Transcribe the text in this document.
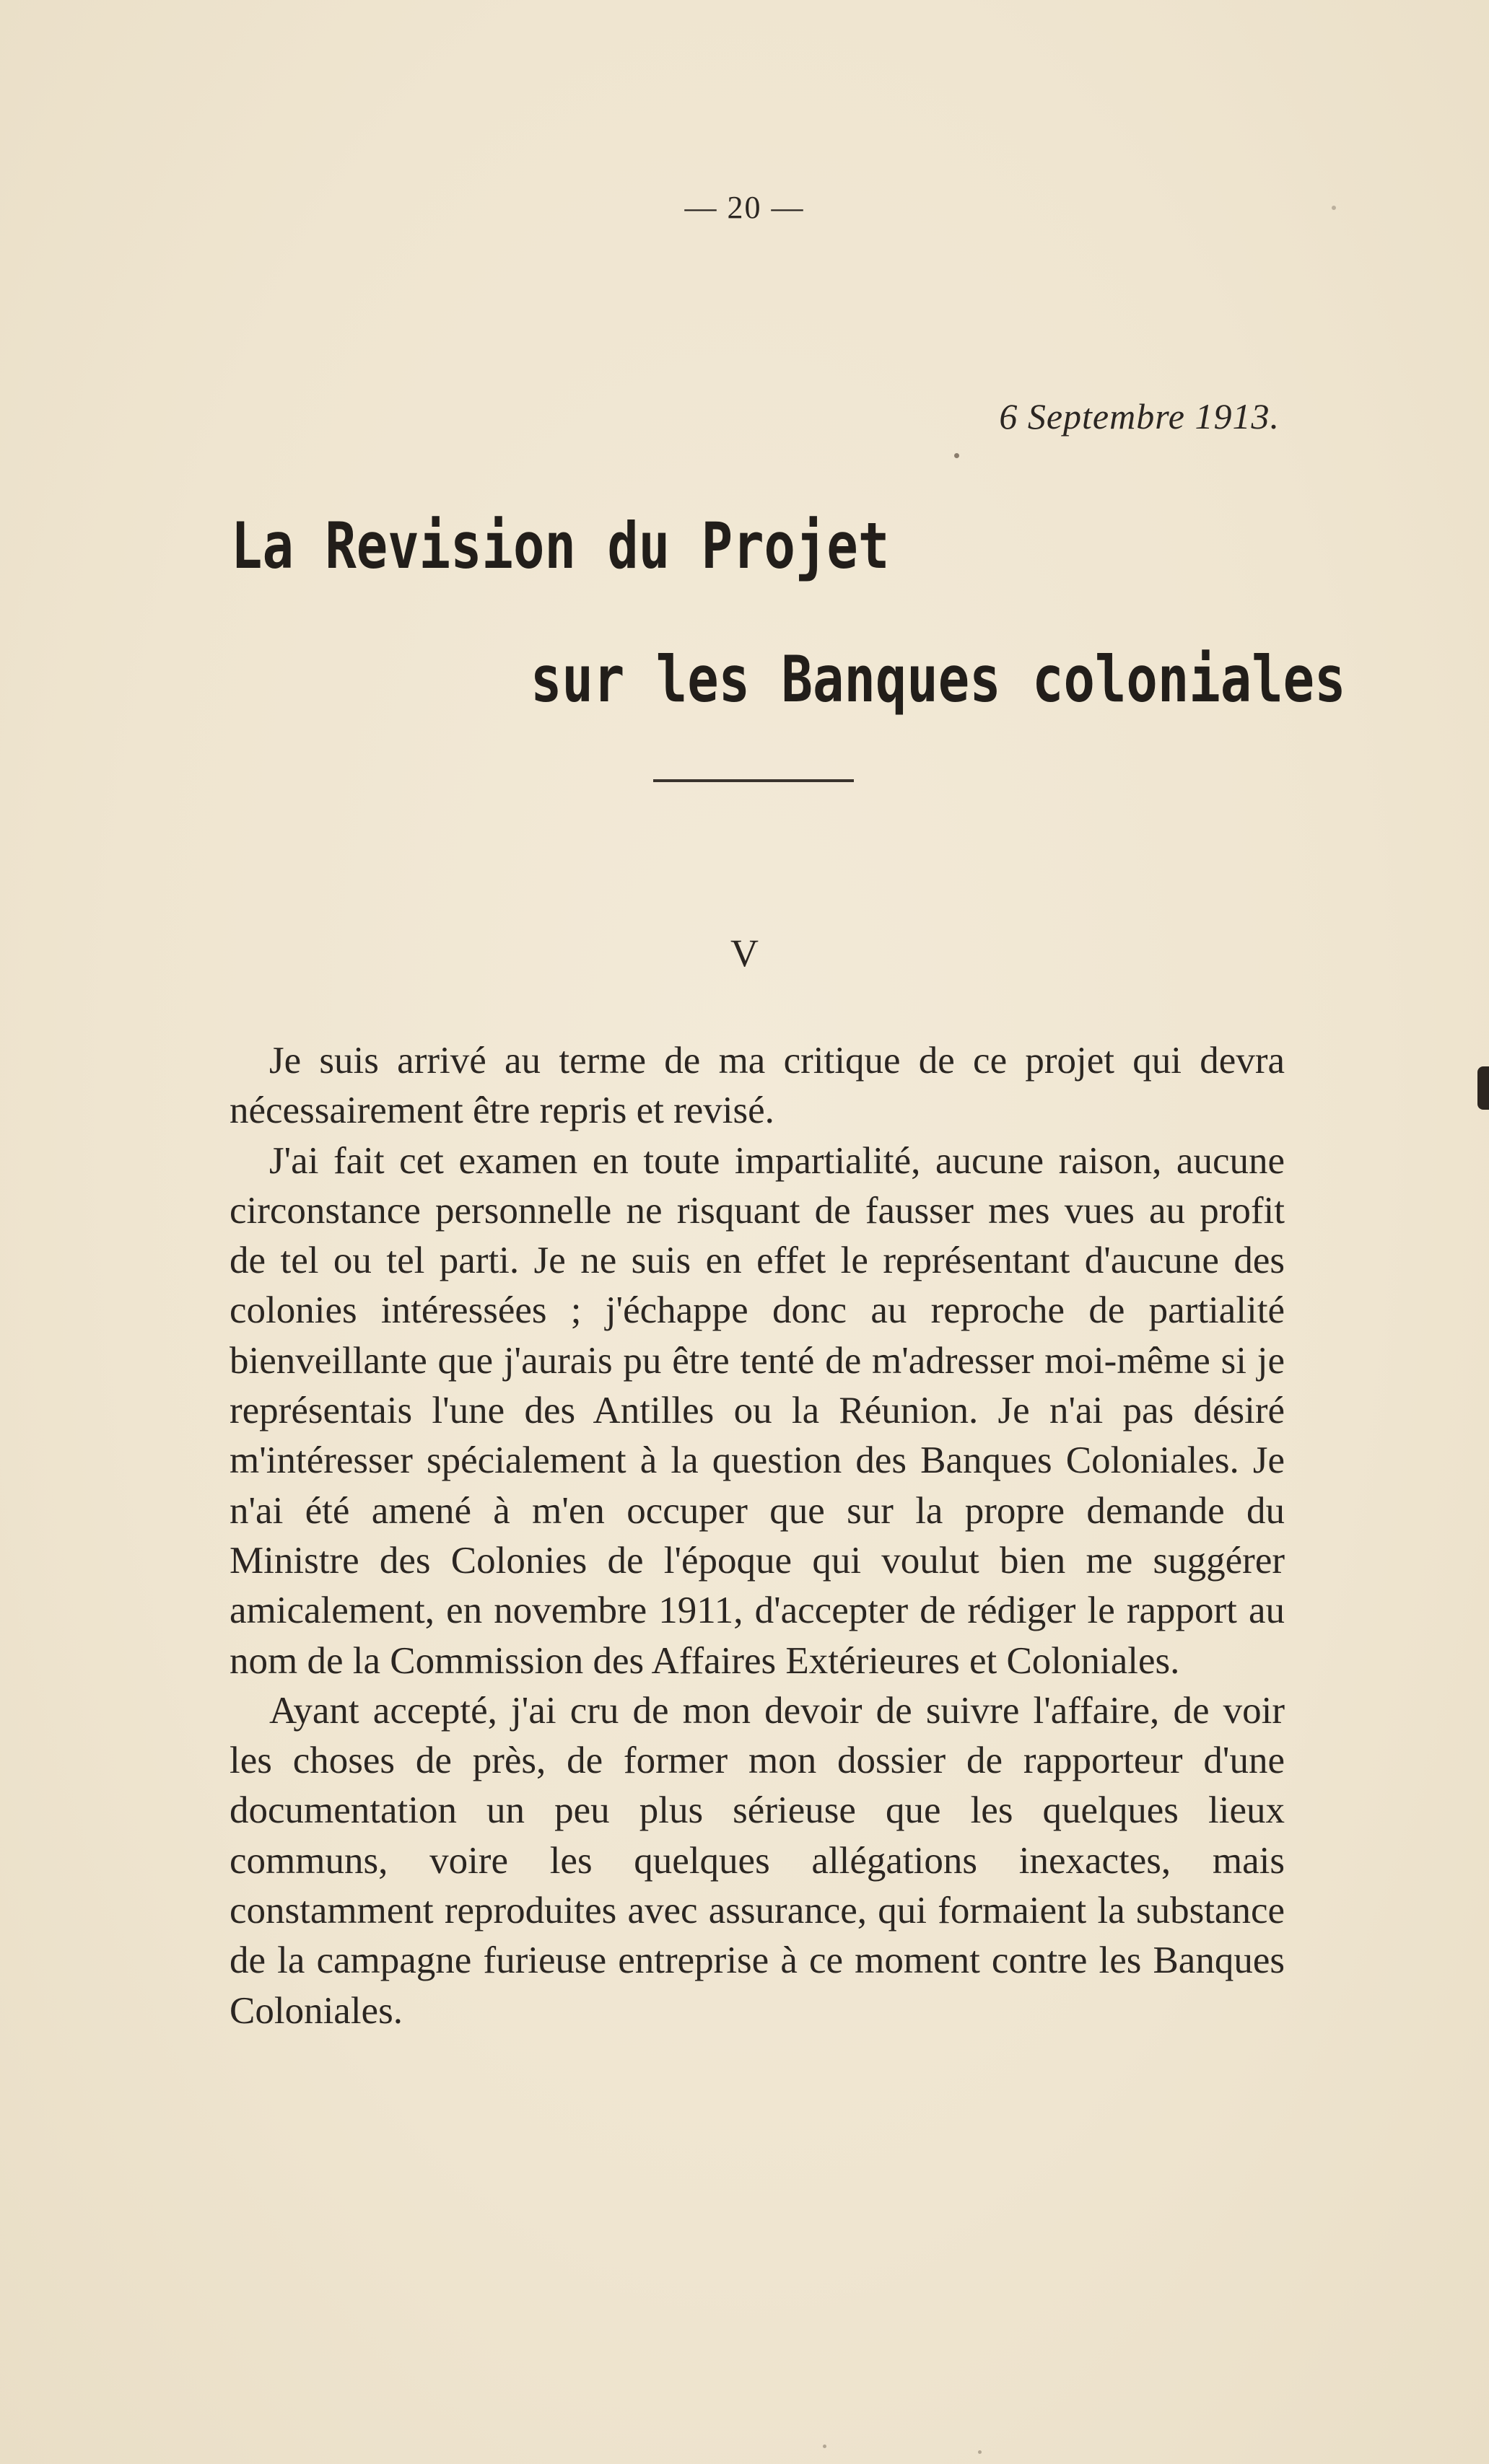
— 20 —
6 Septembre 1913.
La Revision du Projet
sur les Banques coloniales
V

Je suis arrivé au terme de ma critique de ce projet qui devra nécessairement être repris et revisé.

J'ai fait cet examen en toute impartialité, aucune raison, aucune circonstance personnelle ne risquant de fausser mes vues au profit de tel ou tel parti. Je ne suis en effet le représentant d'aucune des colonies intéressées ; j'échappe donc au reproche de partialité bienveillante que j'aurais pu être tenté de m'adresser moi-même si je représentais l'une des Antilles ou la Réunion. Je n'ai pas désiré m'intéresser spécialement à la question des Banques Coloniales. Je n'ai été amené à m'en occuper que sur la propre demande du Ministre des Colonies de l'époque qui voulut bien me suggérer amicalement, en novembre 1911, d'accepter de rédiger le rapport au nom de la Commission des Affaires Extérieures et Coloniales.

Ayant accepté, j'ai cru de mon devoir de suivre l'affaire, de voir les choses de près, de former mon dossier de rapporteur d'une documentation un peu plus sérieuse que les quelques lieux communs, voire les quelques allégations inexactes, mais constamment reproduites avec assurance, qui formaient la substance de la campagne furieuse entreprise à ce moment contre les Banques Coloniales.
